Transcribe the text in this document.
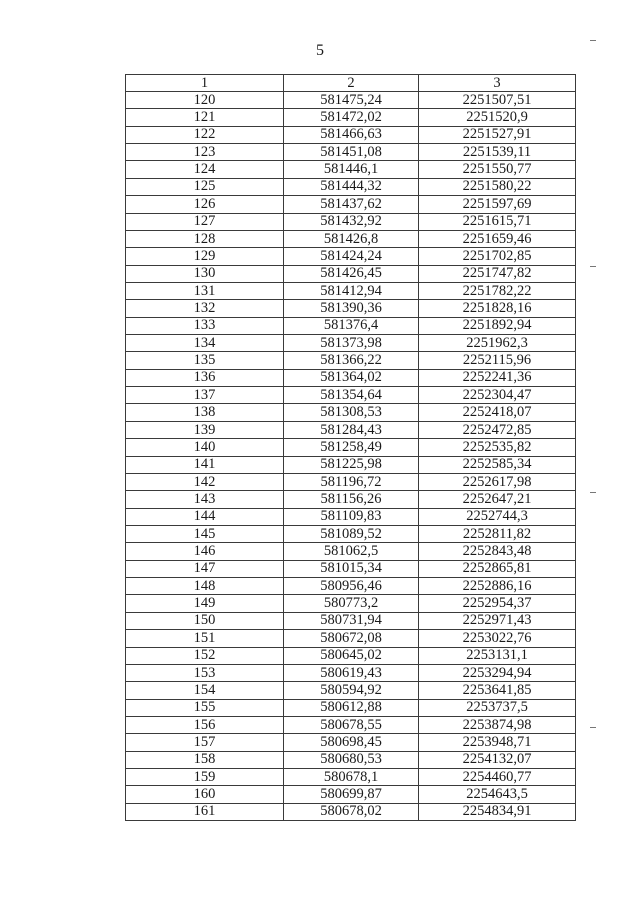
5
1	2	3
120	581475,24	2251507,51
121	581472,02	2251520,9
122	581466,63	2251527,91
123	581451,08	2251539,11
124	581446,1	2251550,77
125	581444,32	2251580,22
126	581437,62	2251597,69
127	581432,92	2251615,71
128	581426,8	2251659,46
129	581424,24	2251702,85
130	581426,45	2251747,82
131	581412,94	2251782,22
132	581390,36	2251828,16
133	581376,4	2251892,94
134	581373,98	2251962,3
135	581366,22	2252115,96
136	581364,02	2252241,36
137	581354,64	2252304,47
138	581308,53	2252418,07
139	581284,43	2252472,85
140	581258,49	2252535,82
141	581225,98	2252585,34
142	581196,72	2252617,98
143	581156,26	2252647,21
144	581109,83	2252744,3
145	581089,52	2252811,82
146	581062,5	2252843,48
147	581015,34	2252865,81
148	580956,46	2252886,16
149	580773,2	2252954,37
150	580731,94	2252971,43
151	580672,08	2253022,76
152	580645,02	2253131,1
153	580619,43	2253294,94
154	580594,92	2253641,85
155	580612,88	2253737,5
156	580678,55	2253874,98
157	580698,45	2253948,71
158	580680,53	2254132,07
159	580678,1	2254460,77
160	580699,87	2254643,5
161	580678,02	2254834,91
